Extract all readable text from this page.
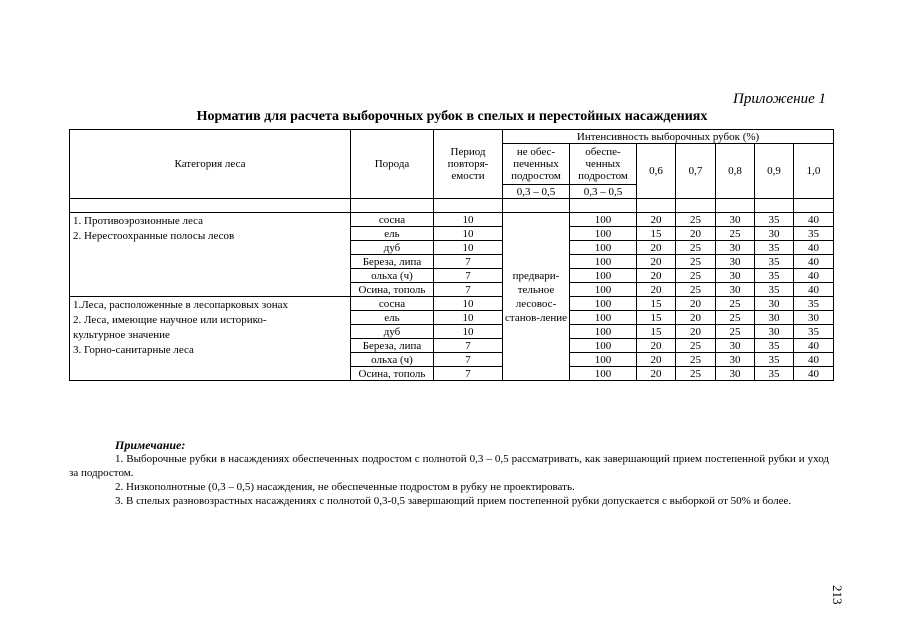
Приложение 1
Норматив для расчета выборочных рубок в спелых и перестойных насаждениях
Категория леса	Порода	Период повторя-емости	Интенсивность выборочных рубок (%)						
			не обес-печенных подростом	обеспе-ченных подростом	0,6	0,7	0,8	0,9	1,0
			0,3 – 0,5	0,3 – 0,5					

1. Противоэрозионные леса
2. Нерестоохранные полосы лесов	сосна	10	предвари-тельное лесовос-станов-ление	100	20	25	30	35	40
	ель	10		100	15	20	25	30	35
	дуб	10		100	20	25	30	35	40
	Береза, липа	7		100	20	25	30	35	40
	ольха (ч)	7		100	20	25	30	35	40
	Осина, тополь	7		100	20	25	30	35	40

1.Леса, расположенные в лесопарковых зонах
2. Леса, имеющие научное или историко-
культурное значение
3. Горно-санитарные леса	сосна	10		100	15	20	25	30	35
	ель	10		100	15	20	25	30	30
	дуб	10		100	15	20	25	30	35
	Береза, липа	7		100	20	25	30	35	40
	ольха (ч)	7		100	20	25	30	35	40
	Осина, тополь	7		100	20	25	30	35	40
Примечание:

1. Выборочные рубки в насаждениях обеспеченных подростом с полнотой 0,3 – 0,5 рассматривать, как завершающий прием постепенной рубки и уход за подростом.

2. Низкополнотные (0,3 – 0,5) насаждения, не обеспеченные подростом в рубку не проектировать.

3. В спелых разновозрастных насаждениях с полнотой 0,3-0,5 завершающий прием постепенной рубки допускается с выборкой от 50% и более.

213
